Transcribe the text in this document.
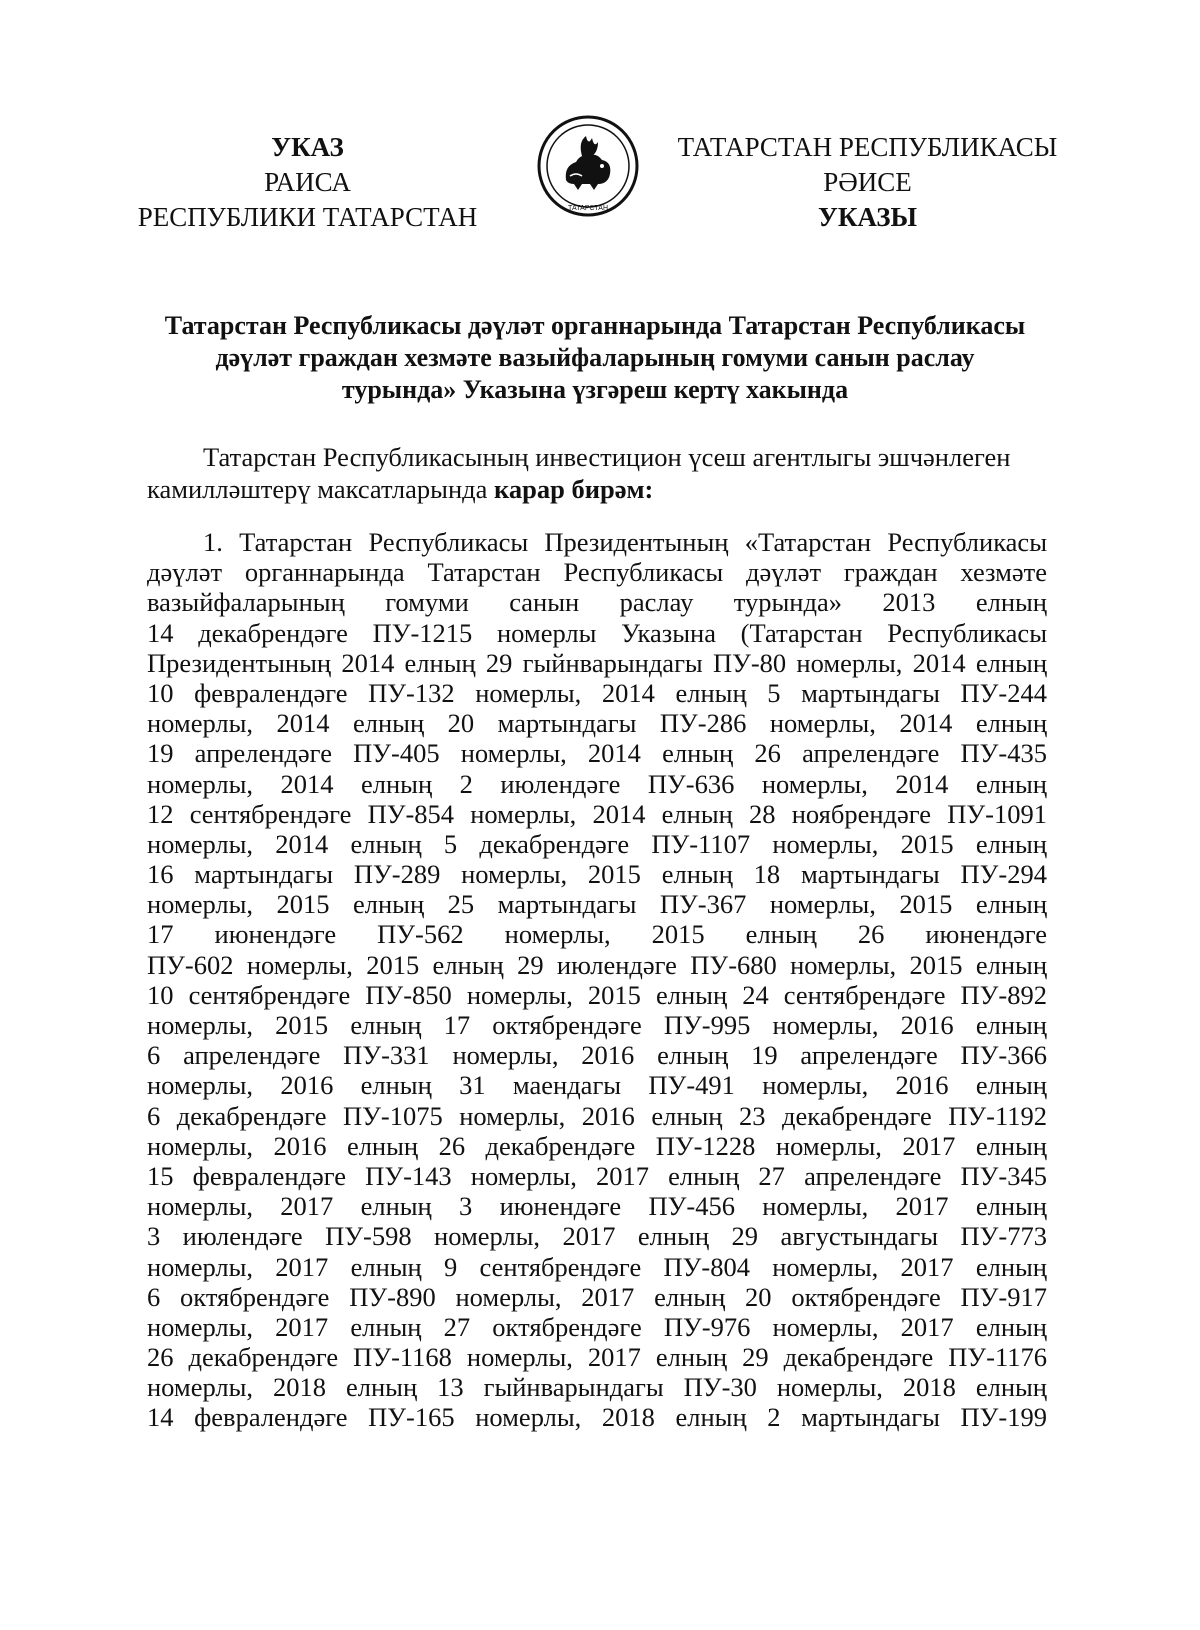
УКАЗ
РАИСА
РЕСПУБЛИКИ ТАТАРСТАН	ТАТАРСТАН
ТАТАРСТАН РЕСПУБЛИКАСЫ
РӘИСЕ
УКАЗЫ
Татарстан Республикасы дәүләт органнарында Татарстан Республикасы
дәүләт граждан хезмәте вазыйфаларының гомуми санын раслау
турында» Указына үзгәреш кертү хакында
Татарстан Республикасының инвестицион үсеш агентлыгы эшчәнлеген
камилләштерү максатларында карар бирәм:
1. Татарстан Республикасы Президентының «Татарстан Республикасы
дәүләт органнарында Татарстан Республикасы дәүләт граждан хезмәте
вазыйфаларының гомуми санын раслау турында» 2013 елның
14 декабрендәге ПУ-1215 номерлы Указына (Татарстан Республикасы
Президентының 2014 елның 29 гыйнварындагы ПУ-80 номерлы, 2014 елның
10 февралендәге ПУ-132 номерлы, 2014 елның 5 мартындагы ПУ-244
номерлы, 2014 елның 20 мартындагы ПУ-286 номерлы, 2014 елның
19 апрелендәге ПУ-405 номерлы, 2014 елның 26 апрелендәге ПУ-435
номерлы, 2014 елның 2 июлендәге ПУ-636 номерлы, 2014 елның
12 сентябрендәге ПУ-854 номерлы, 2014 елның 28 ноябрендәге ПУ-1091
номерлы, 2014 елның 5 декабрендәге ПУ-1107 номерлы, 2015 елның
16 мартындагы ПУ-289 номерлы, 2015 елның 18 мартындагы ПУ-294
номерлы, 2015 елның 25 мартындагы ПУ-367 номерлы, 2015 елның
17 июнендәге ПУ-562 номерлы, 2015 елның 26 июнендәге
ПУ-602 номерлы, 2015 елның 29 июлендәге ПУ-680 номерлы, 2015 елның
10 сентябрендәге ПУ-850 номерлы, 2015 елның 24 сентябрендәге ПУ-892
номерлы, 2015 елның 17 октябрендәге ПУ-995 номерлы, 2016 елның
6 апрелендәге ПУ-331 номерлы, 2016 елның 19 апрелендәге ПУ-366
номерлы, 2016 елның 31 маендагы ПУ-491 номерлы, 2016 елның
6 декабрендәге ПУ-1075 номерлы, 2016 елның 23 декабрендәге ПУ-1192
номерлы, 2016 елның 26 декабрендәге ПУ-1228 номерлы, 2017 елның
15 февралендәге ПУ-143 номерлы, 2017 елның 27 апрелендәге ПУ-345
номерлы, 2017 елның 3 июнендәге ПУ-456 номерлы, 2017 елның
3 июлендәге ПУ-598 номерлы, 2017 елның 29 августындагы ПУ-773
номерлы, 2017 елның 9 сентябрендәге ПУ-804 номерлы, 2017 елның
6 октябрендәге ПУ-890 номерлы, 2017 елның 20 октябрендәге ПУ-917
номерлы, 2017 елның 27 октябрендәге ПУ-976 номерлы, 2017 елның
26 декабрендәге ПУ-1168 номерлы, 2017 елның 29 декабрендәге ПУ-1176
номерлы, 2018 елның 13 гыйнварындагы ПУ-30 номерлы, 2018 елның
14 февралендәге ПУ-165 номерлы, 2018 елның 2 мартындагы ПУ-199
